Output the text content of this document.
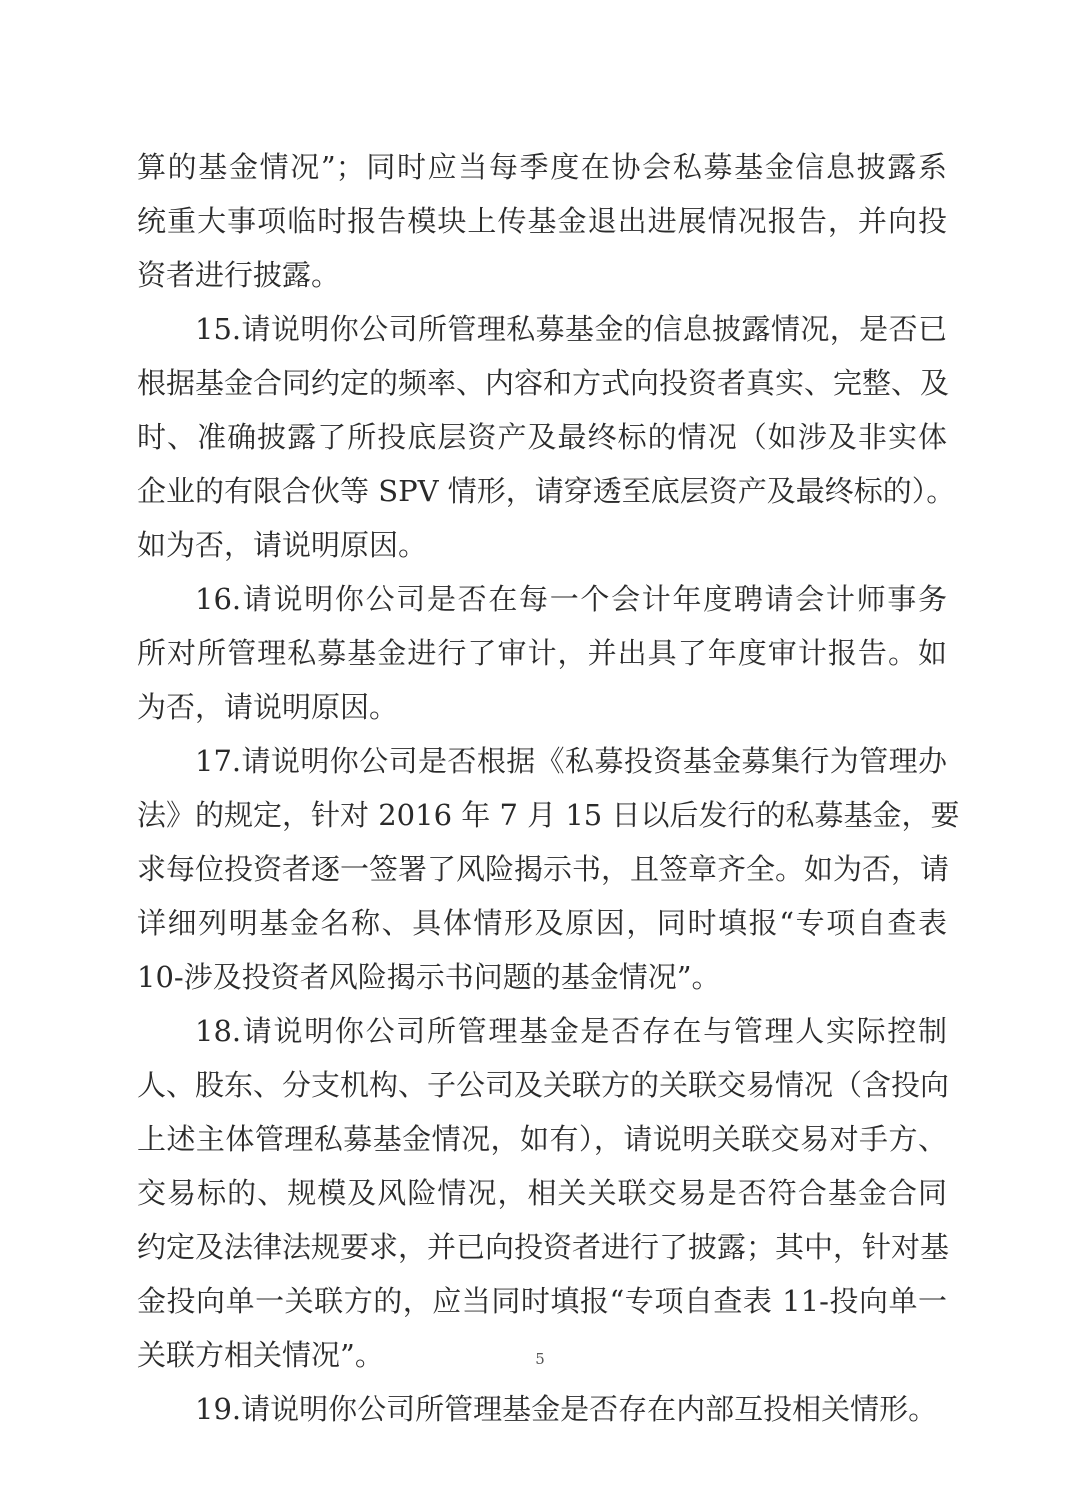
算的基金情况”；同时应当每季度在协会私募基金信息披露系
统重大事项临时报告模块上传基金退出进展情况报告，并向投
资者进行披露。
15.请说明你公司所管理私募基金的信息披露情况，是否已
根据基金合同约定的频率、内容和方式向投资者真实、完整、及
时、准确披露了所投底层资产及最终标的情况（如涉及非实体
企业的有限合伙等 SPV 情形，请穿透至底层资产及最终标的）。
如为否，请说明原因。
16.请说明你公司是否在每一个会计年度聘请会计师事务
所对所管理私募基金进行了审计，并出具了年度审计报告。如
为否，请说明原因。
17.请说明你公司是否根据《私募投资基金募集行为管理办
法》的规定，针对 2016 年 7 月 15 日以后发行的私募基金，要
求每位投资者逐一签署了风险揭示书，且签章齐全。如为否，请
详细列明基金名称、具体情形及原因，同时填报“专项自查表
10-涉及投资者风险揭示书问题的基金情况”。
18.请说明你公司所管理基金是否存在与管理人实际控制
人、股东、分支机构、子公司及关联方的关联交易情况（含投向
上述主体管理私募基金情况，如有），请说明关联交易对手方、
交易标的、规模及风险情况，相关关联交易是否符合基金合同
约定及法律法规要求，并已向投资者进行了披露；其中，针对基
金投向单一关联方的，应当同时填报“专项自查表 11-投向单一
关联方相关情况”。
19.请说明你公司所管理基金是否存在内部互投相关情形。
5
